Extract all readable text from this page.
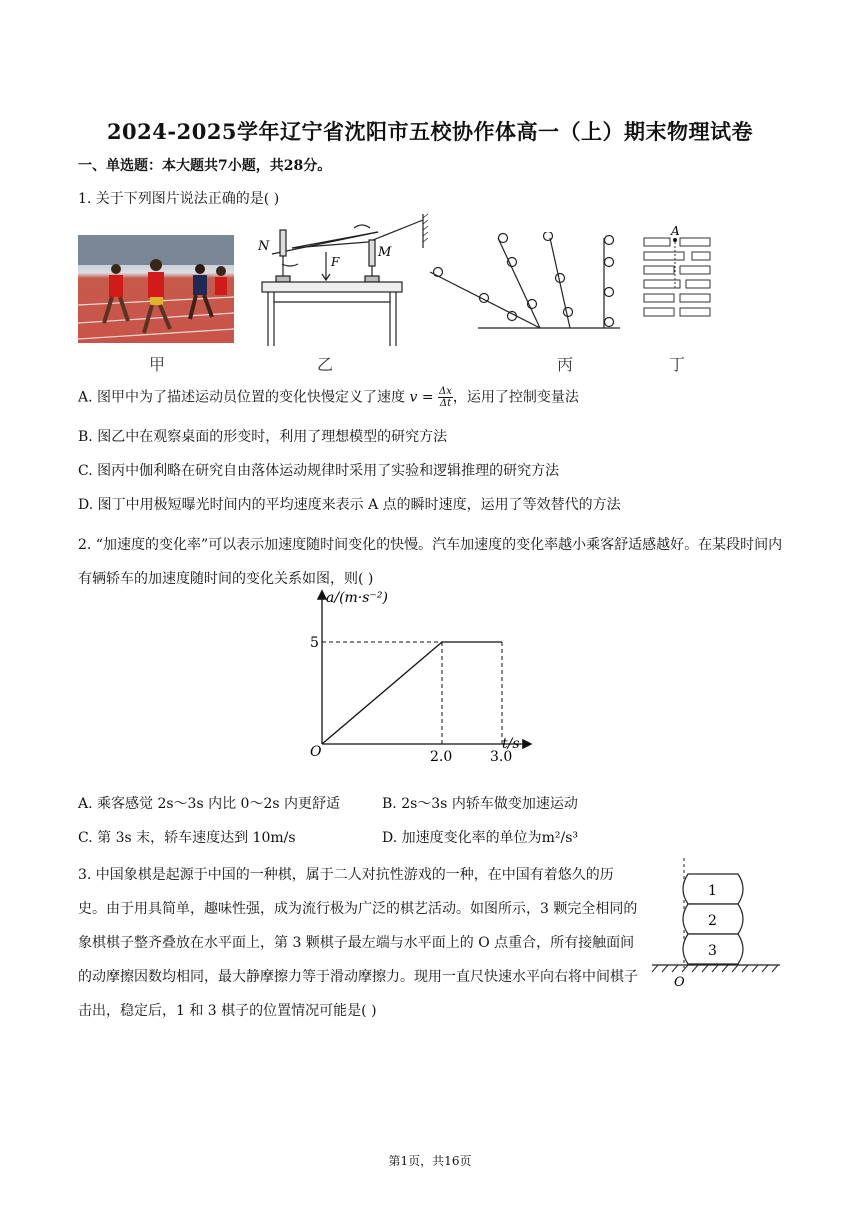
2024-2025学年辽宁省沈阳市五校协作体高一（上）期末物理试卷
一、单选题：本大题共7小题，共28分。
1. 关于下列图片说法正确的是( )
N	M
F
A
甲	乙	丙	丁
A. 图甲中为了描述运动员位置的变化快慢定义了速度 $v = \frac{\Delta x}{\Delta t}$ ，运用了控制变量法
B. 图乙中在观察桌面的形变时，利用了理想模型的研究方法
C. 图丙中伽利略在研究自由落体运动规律时采用了实验和逻辑推理的研究方法
D. 图丁中用极短曝光时间内的平均速度来表示 A 点的瞬时速度，运用了等效替代的方法
2. “加速度的变化率”可以表示加速度随时间变化的快慢。汽车加速度的变化率越小乘客舒适感越好。在某段时间内有辆轿车的加速度随时间的变化关系如图，则( )
2.0	3.0
5
a/(m·s⁻²)
t/s
O
A. 乘客感觉 2s～3s 内比 0～2s 内更舒适	B. 2s～3s 内轿车做变加速运动
C. 第 3s 末，轿车速度达到 10m/s	D. 加速度变化率的单位为m²/s³
3. 中国象棋是起源于中国的一种棋，属于二人对抗性游戏的一种，在中国有着悠久的历史。由于用具简单，趣味性强，成为流行极为广泛的棋艺活动。如图所示，3 颗完全相同的象棋棋子整齐叠放在水平面上，第 3 颗棋子最左端与水平面上的 O 点重合，所有接触面间的动摩擦因数均相同，最大静摩擦力等于滑动摩擦力。现用一直尺快速水平向右将中间棋子击出，稳定后，1 和 3 棋子的位置情况可能是( )
1
2
3
O
第1页，共16页
